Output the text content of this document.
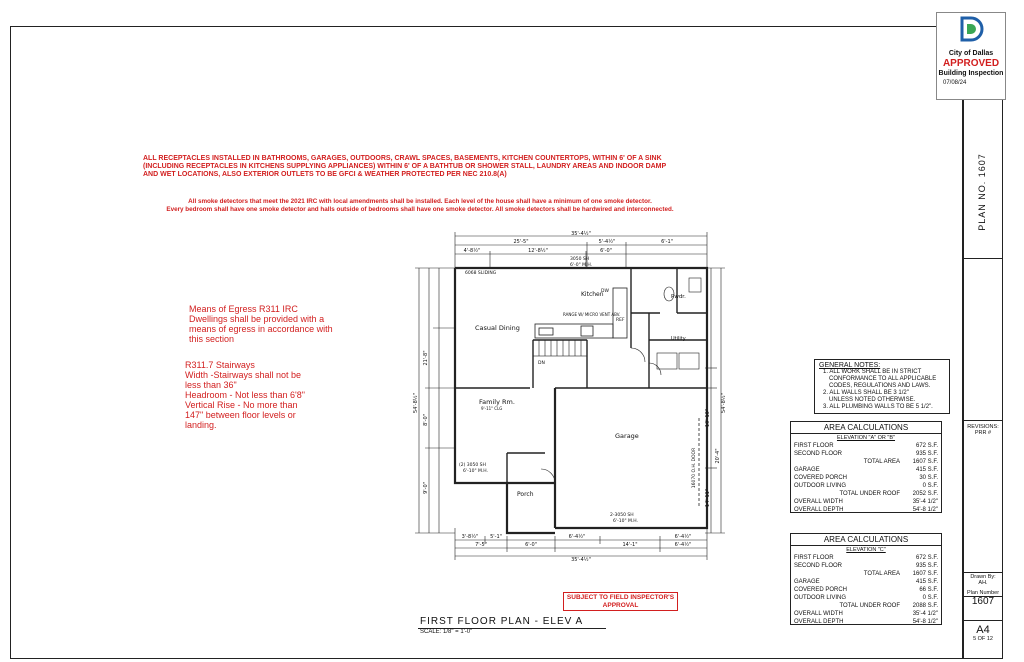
City of Dallas
APPROVED
Building Inspection
07/08/24
PLAN NO. 1607
ALL RECEPTACLES INSTALLED IN BATHROOMS, GARAGES, OUTDOORS, CRAWL SPACES, BASEMENTS, KITCHEN COUNTERTOPS, WITHIN 6' OF A SINK
(INCLUDING RECEPTACLES IN KITCHENS SUPPLYING APPLIANCES) WITHIN 6' OF A BATHTUB OR SHOWER STALL, LAUNDRY AREAS AND INDOOR DAMP
AND WET LOCATIONS, ALSO EXTERIOR OUTLETS TO BE GFCI & WEATHER PROTECTED PER NEC 210.8(A)
All smoke detectors that meet the 2021 IRC with local amendments shall be installed. Each level of the house shall have a minimum of one smoke detector.
Every bedroom shall have one smoke detector and halls outside of bedrooms shall have one smoke detector. All smoke detectors shall be hardwired and interconnected.
Means of Egress R311 IRC
Dwellings shall be provided with a
means of egress in accordance with
this section
R311.7 Stairways
Width -Stairways shall not be
less than 36"
Headroom - Not less than 6'8"
Vertical Rise - No more than
147" between floor levels or
landing.
35'-4½"
25'-5"	5'-4½"	6'-1"
4'-8½"	12'-8½"	6'-0"
3'-8½" 5'-1"	6'-4½"	6'-4½"
7'-5"	6'-0"	14'-1"	6'-4½"
35'-4½"
54'-8½"
21'-8"
8'-0"
9'-0"
54'-8½"
10'-10"
20'-4"
14'-11"
Kitchen
Casual Dining
Family Rm.
Garage
Porch
Pwdr.
Utility
6068 SLIDING
3050 SH
6'-0" M.H.
RANGE W/ MICRO VENT ABV.
REF
DW
16070 O.H. DOOR
2-3050 SH
6'-10" M.H.
(2) 3050 SH
6'-10" M.H.
9'-11" CLG
DN	GENERAL NOTES:
1. ALL WORK SHALL BE IN STRICT
CONFORMANCE TO ALL APPLICABLE
CODES, REGULATIONS AND LAWS.
2. ALL WALLS SHALL BE 3 1/2"
UNLESS NOTED OTHERWISE.
3. ALL PLUMBING WALLS TO BE 5 1/2".
AREA CALCULATIONS
ELEVATION "A" OR "B"
FIRST FLOOR	672 S.F.
SECOND FLOOR	935 S.F.
TOTAL AREA	1607 S.F.
GARAGE	415 S.F.
COVERED PORCH	30 S.F.
OUTDOOR LIVING	0 S.F.
TOTAL UNDER ROOF	2052 S.F.
OVERALL WIDTH	35'-4 1/2"
OVERALL DEPTH	54'-8 1/2"
AREA CALCULATIONS
ELEVATION "C"
FIRST FLOOR	672 S.F.
SECOND FLOOR	935 S.F.
TOTAL AREA	1607 S.F.
GARAGE	415 S.F.
COVERED PORCH	66 S.F.
OUTDOOR LIVING	0 S.F.
TOTAL UNDER ROOF	2088 S.F.
OVERALL WIDTH	35'-4 1/2"
OVERALL DEPTH	54'-8 1/2"
REVISIONS:
PRR #
Drawn By:
AH.
Plan Number
1607
A4
5 OF 12
FIRST FLOOR PLAN - ELEV A
SCALE: 1/8" = 1'-0"
SUBJECT TO FIELD INSPECTOR'S
APPROVAL
